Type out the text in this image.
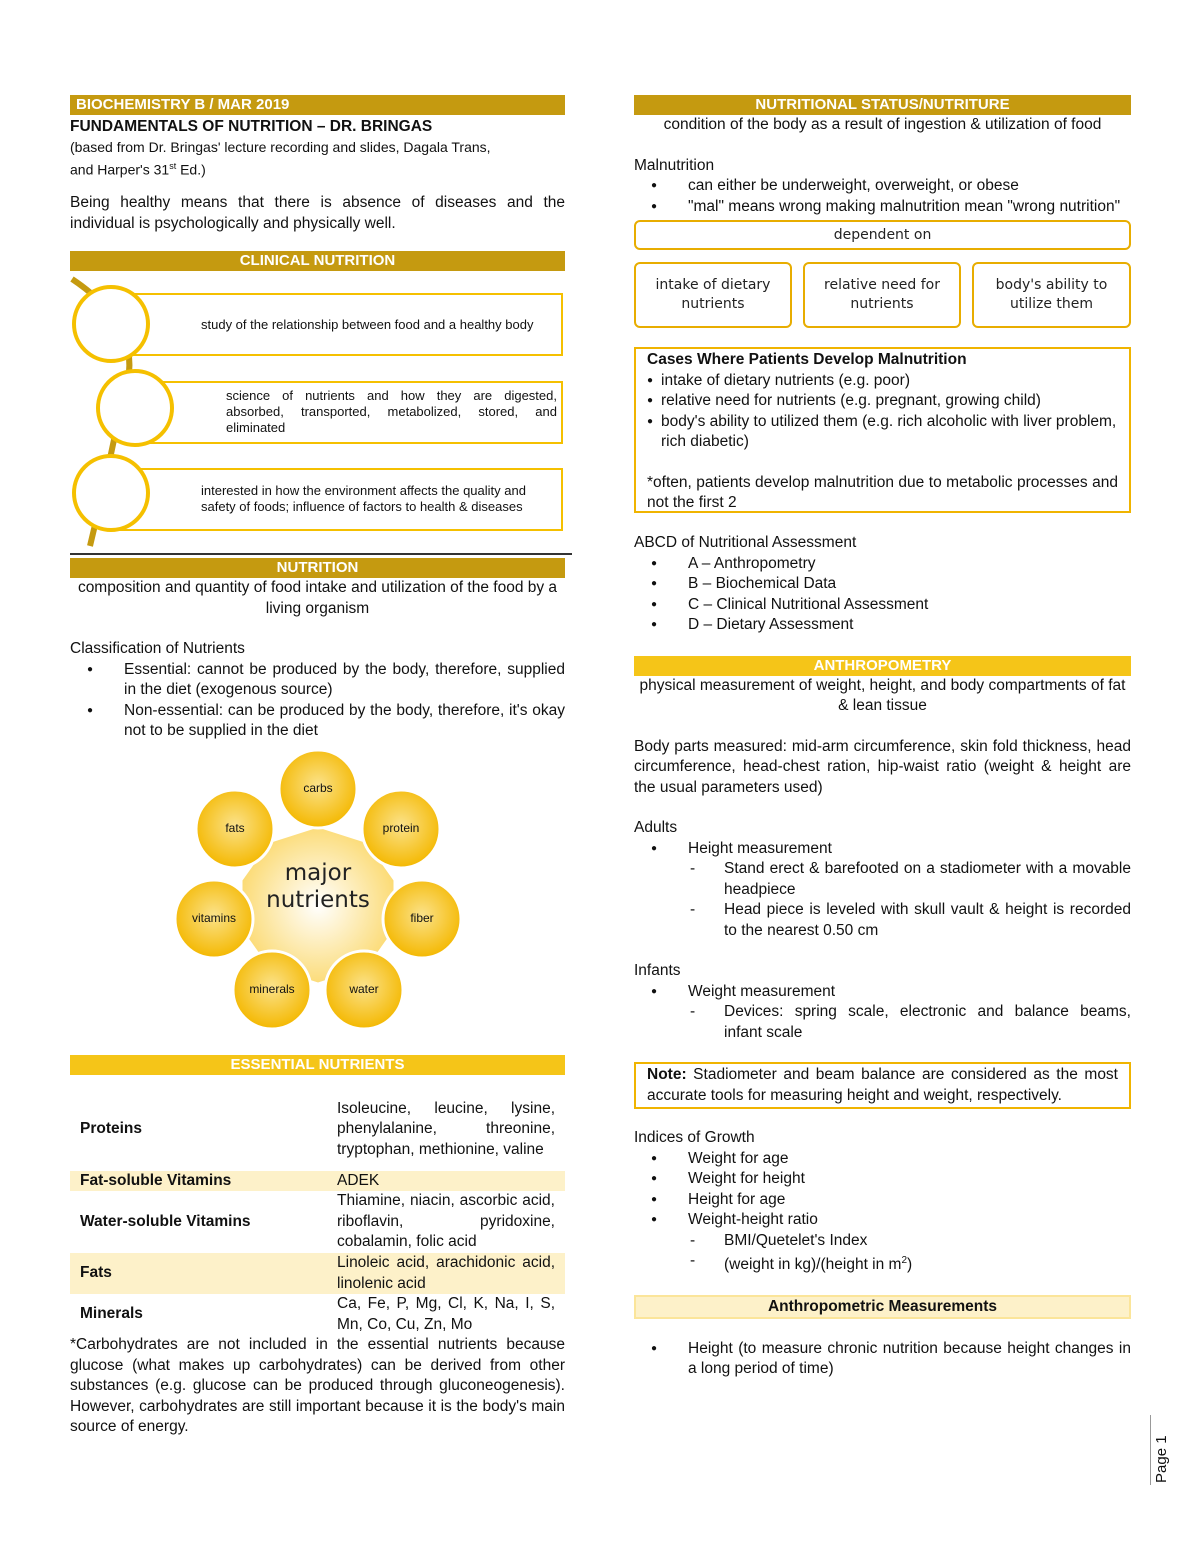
BIOCHEMISTRY B / MAR 2019

FUNDAMENTALS OF NUTRITION – DR. BRINGAS

(based from Dr. Bringas' lecture recording and slides, Dagala Trans,
and Harper's 31st Ed.)

Being healthy means that there is absence of diseases and the individual is psychologically and physically well.

CLINICAL NUTRITION
study of the relationship between food and a healthy body
science of nutrients and how they are digested, absorbed, transported, metabolized, stored, and eliminated
interested in how the environment affects the quality and safety of foods; influence of factors to health & diseases
NUTRITION

composition and quantity of food intake and utilization of the food by a living organism

Classification of Nutrients

● Essential: cannot be produced by the body, therefore, supplied in the diet (exogenous source)
● Non-essential: can be produced by the body, therefore, it's okay not to be supplied in the diet
major nutrients
carbs
protein
fiber
water
minerals
vitamins
fats
ESSENTIAL NUTRIENTS
Proteins	Isoleucine, leucine, lysine, phenylalanine, threonine, tryptophan, methionine, valine
Fat-soluble Vitamins	ADEK
Water-soluble Vitamins	Thiamine, niacin, ascorbic acid, riboflavin, pyridoxine, cobalamin, folic acid
Fats	Linoleic acid, arachidonic acid, linolenic acid
Minerals	Ca, Fe, P, Mg, Cl, K, Na, I, S, Mn, Co, Cu, Zn, Mo

*Carbohydrates are not included in the essential nutrients because glucose (what makes up carbohydrates) can be derived from other substances (e.g. glucose can be produced through gluconeogenesis). However, carbohydrates are still important because it is the body's main source of energy.

NUTRITIONAL STATUS/NUTRITURE

condition of the body as a result of ingestion & utilization of food

Malnutrition

● can either be underweight, overweight, or obese
● "mal" means wrong making malnutrition mean "wrong nutrition"
dependent on
intake of dietary nutrients
relative need for nutrients
body's ability to utilize them

Cases Where Patients Develop Malnutrition

● intake of dietary nutrients (e.g. poor)
● relative need for nutrients (e.g. pregnant, growing child)
● body's ability to utilized them (e.g. rich alcoholic with liver problem, rich diabetic)

*often, patients develop malnutrition due to metabolic processes and not the first 2

ABCD of Nutritional Assessment

● A – Anthropometry
● B – Biochemical Data
● C – Clinical Nutritional Assessment
● D – Dietary Assessment
ANTHROPOMETRY

physical measurement of weight, height, and body compartments of fat & lean tissue

Body parts measured: mid-arm circumference, skin fold thickness, head circumference, head-chest ration, hip-waist ratio (weight & height are the usual parameters used)

Adults

● Height measurement
- Stand erect & barefooted on a stadiometer with a movable headpiece
- Head piece is leveled with skull vault & height is recorded to the nearest 0.50 cm

Infants

● Weight measurement
- Devices: spring scale, electronic and balance beams, infant scale

Note: Stadiometer and beam balance are considered as the most accurate tools for measuring height and weight, respectively.

Indices of Growth

● Weight for age
● Weight for height
● Height for age
● Weight-height ratio
- BMI/Quetelet's Index
- (weight in kg)/(height in $m^2$)
Anthropometric Measurements
● Height (to measure chronic nutrition because height changes in a long period of time)
Page 1
